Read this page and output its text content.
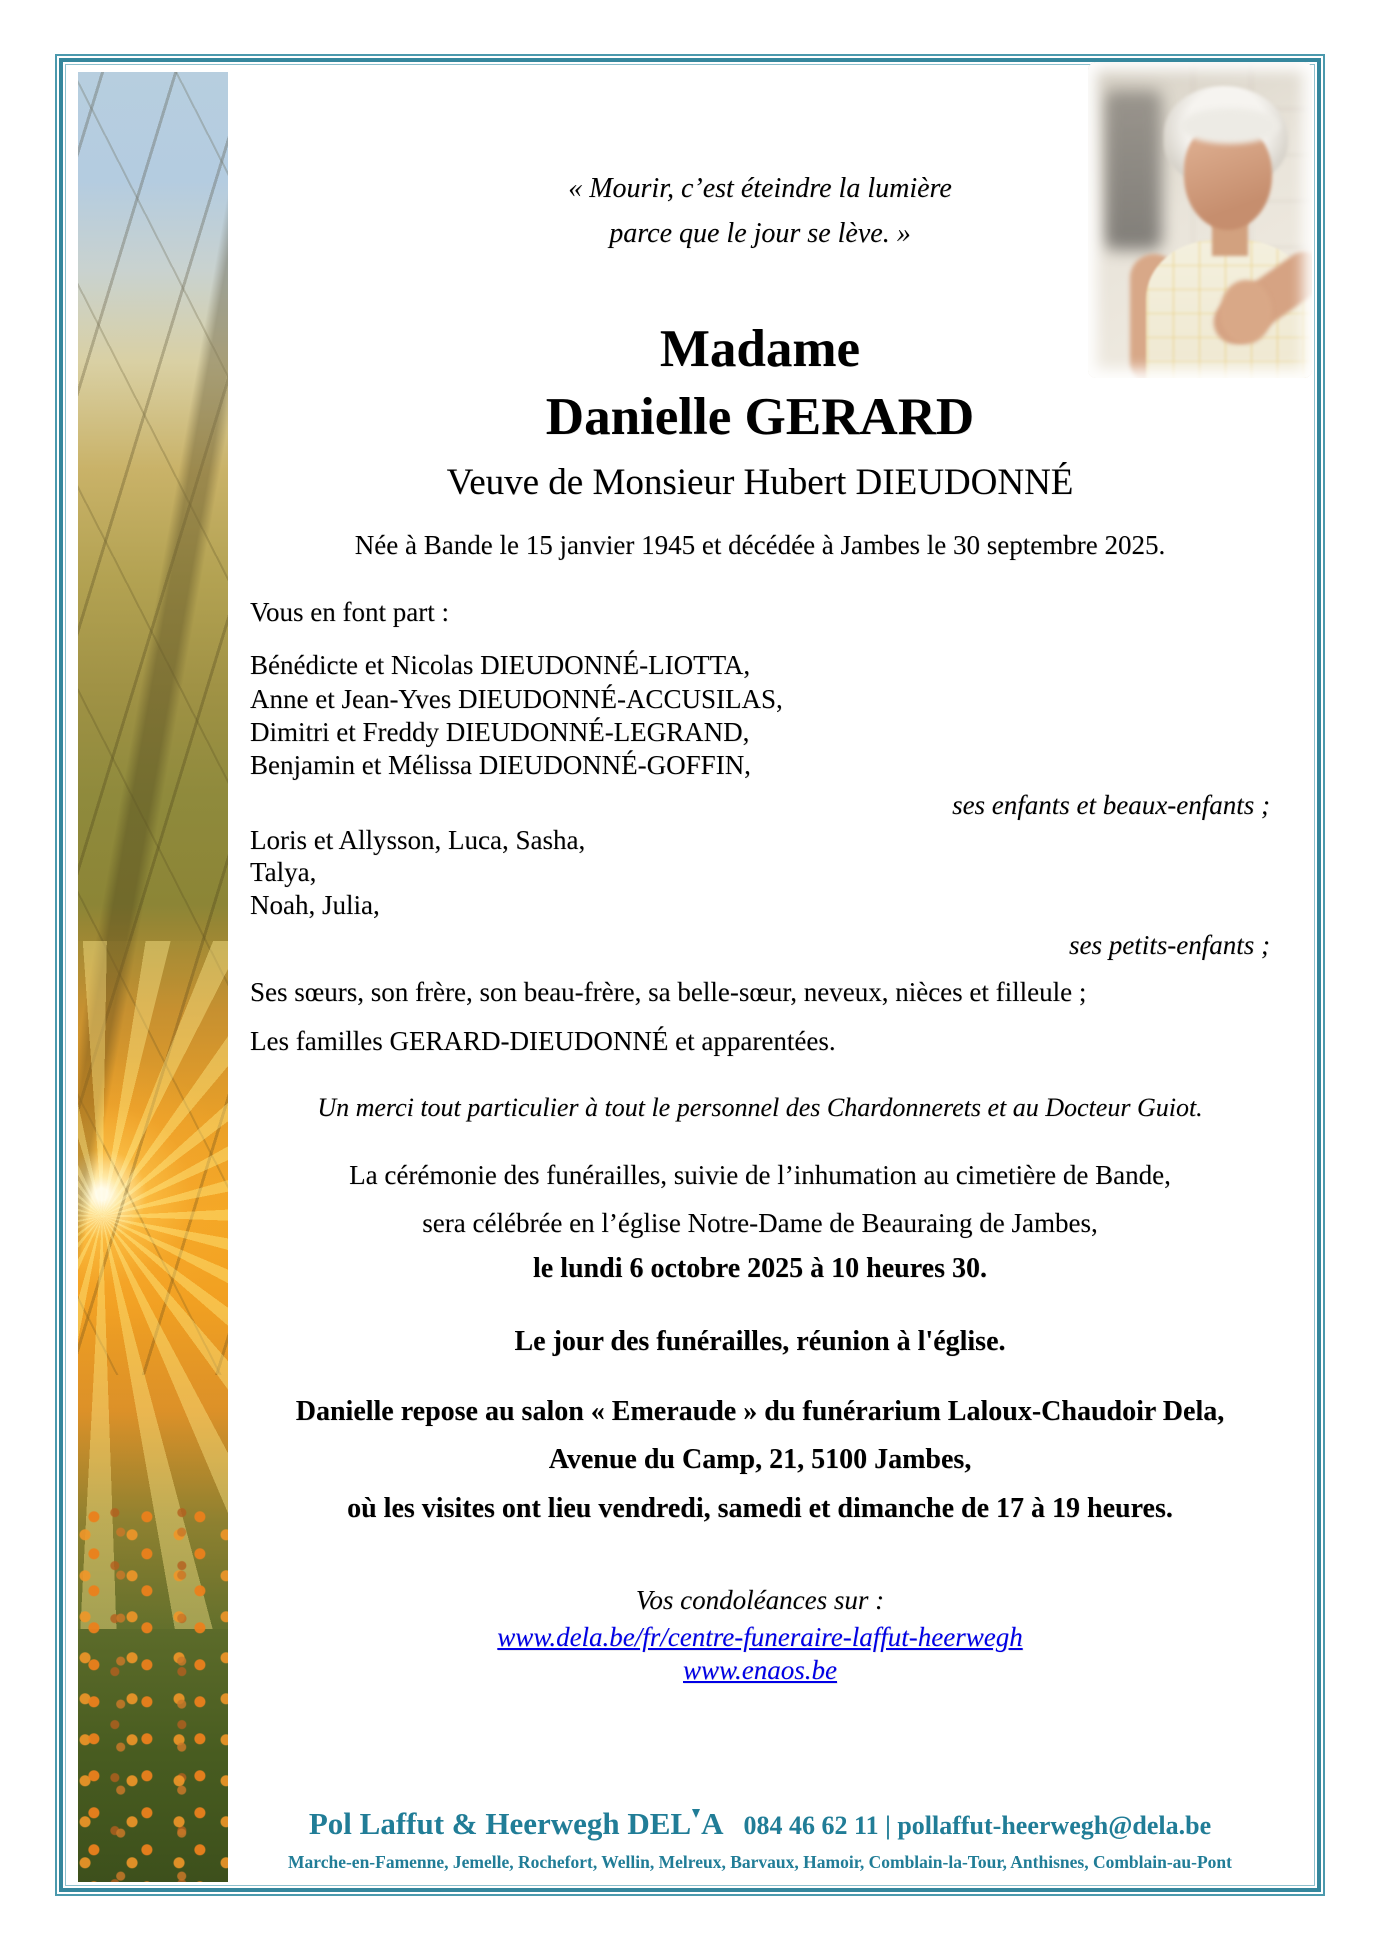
« Mourir, c’est éteindre la lumière
parce que le jour se lève. »
Madame
Danielle GERARD
Veuve de Monsieur Hubert DIEUDONNÉ
Née à Bande le 15 janvier 1945 et décédée à Jambes le 30 septembre 2025.
Vous en font part :
Bénédicte et Nicolas DIEUDONNÉ-LIOTTA,
Anne et Jean-Yves DIEUDONNÉ-ACCUSILAS,
Dimitri et Freddy DIEUDONNÉ-LEGRAND,
Benjamin et Mélissa DIEUDONNÉ-GOFFIN,
ses enfants et beaux-enfants ;
Loris et Allysson, Luca, Sasha,
Talya,
Noah, Julia,
ses petits-enfants ;
Ses sœurs, son frère, son beau-frère, sa belle-sœur, neveux, nièces et filleule ;
Les familles GERARD-DIEUDONNÉ et apparentées.
Un merci tout particulier à tout le personnel des Chardonnerets et au Docteur Guiot.
La cérémonie des funérailles, suivie de l’inhumation au cimetière de Bande,
sera célébrée en l’église Notre-Dame de Beauraing de Jambes,
le lundi 6 octobre 2025 à 10 heures 30.
Le jour des funérailles, réunion à l'église.
Danielle repose au salon « Emeraude » du funérarium Laloux-Chaudoir Dela,
Avenue du Camp, 21, 5100 Jambes,
où les visites ont lieu vendredi, samedi et dimanche de 17 à 19 heures.
Vos condoléances sur :
www.dela.be/fr/centre-funeraire-laffut-heerwegh
www.enaos.be
Pol Laffut & Heerwegh DEL A 084 46 62 11 | pollaffut-heerwegh@dela.be
Marche-en-Famenne, Jemelle, Rochefort, Wellin, Melreux, Barvaux, Hamoir, Comblain-la-Tour, Anthisnes, Comblain-au-Pont
